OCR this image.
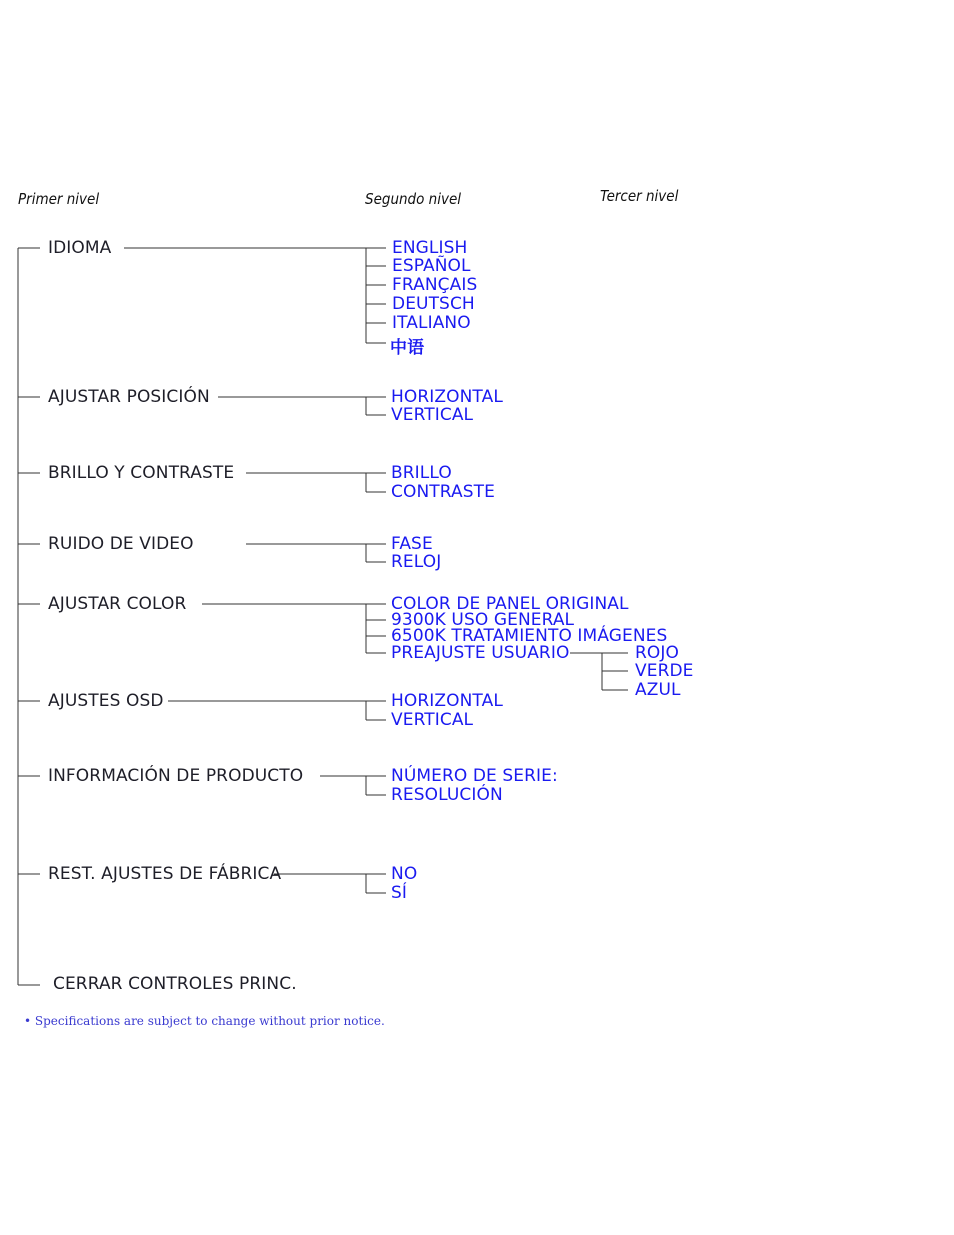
Primer nivel	Segundo nivel	Tercer nivel
IDIOMA	ENGLISH
ESPAÑOL
FRANÇAIS
DEUTSCH
ITALIANO
中语
AJUSTAR POSICIÓN	HORIZONTAL
VERTICAL
BRILLO Y CONTRASTE	BRILLO
CONTRASTE
RUIDO DE VIDEO	FASE
RELOJ
AJUSTAR COLOR	COLOR DE PANEL ORIGINAL
9300K USO GENERAL
6500K TRATAMIENTO IMÁGENES
PREAJUSTE USUARIO	ROJO
VERDE
AZUL
AJUSTES OSD	HORIZONTAL
VERTICAL
INFORMACIÓN DE PRODUCTO	NÚMERO DE SERIE:
RESOLUCIÓN
REST. AJUSTES DE FÁBRICA	NO
SÍ
CERRAR CONTROLES PRINC.
• Specifications are subject to change without prior notice.
